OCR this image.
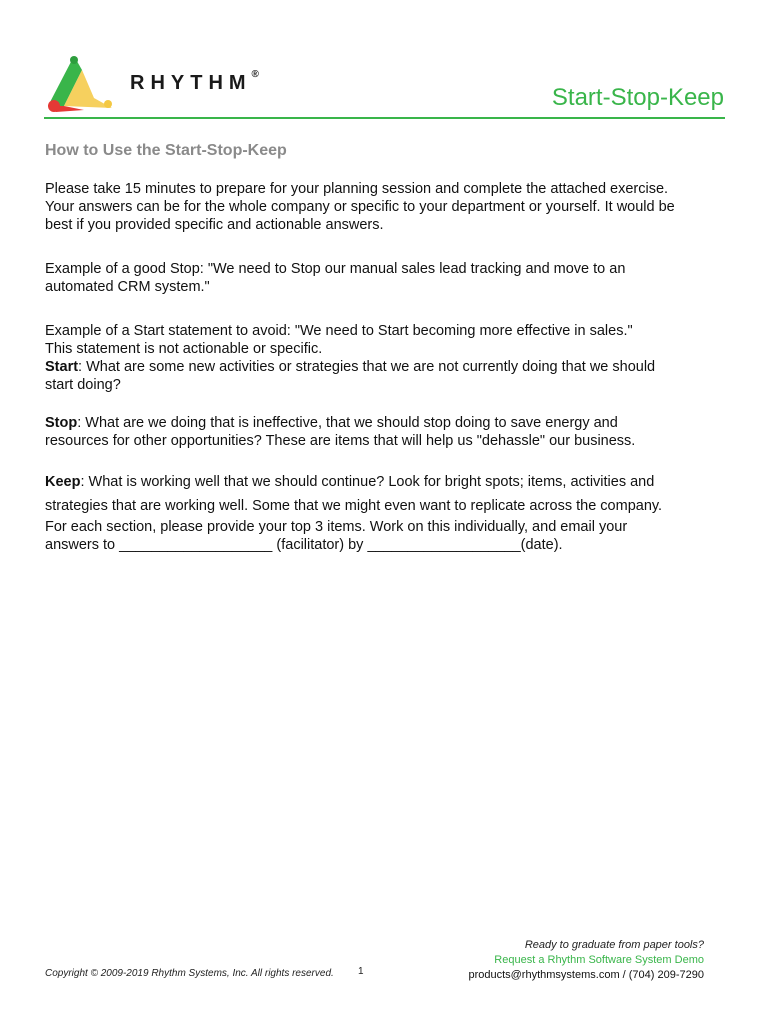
RHYTHM®
Start-Stop-Keep
How to Use the Start-Stop-Keep

Please take 15 minutes to prepare for your planning session and complete the attached exercise. Your answers can be for the whole company or specific to your department or yourself. It would be best if you provided specific and actionable answers.

Example of a good Stop: "We need to Stop our manual sales lead tracking and move to an automated CRM system."

Example of a Start statement to avoid: "We need to Start becoming more effective in sales."

This statement is not actionable or specific.

Start: What are some new activities or strategies that we are not currently doing that we should start doing?

Stop: What are we doing that is ineffective, that we should stop doing to save energy and resources for other opportunities? These are items that will help us "dehassle" our business.

Keep: What is working well that we should continue? Look for bright spots; items, activities and strategies that are working well. Some that we might even want to replicate across the company.

For each section, please provide your top 3 items. Work on this individually, and email your answers to ___________________ (facilitator) by ___________________(date).

Copyright © 2009-2019 Rhythm Systems, Inc. All rights reserved. 1
Ready to graduate from paper tools?
Request a Rhythm Software System Demo
products@rhythmsystems.com / (704) 209-7290
